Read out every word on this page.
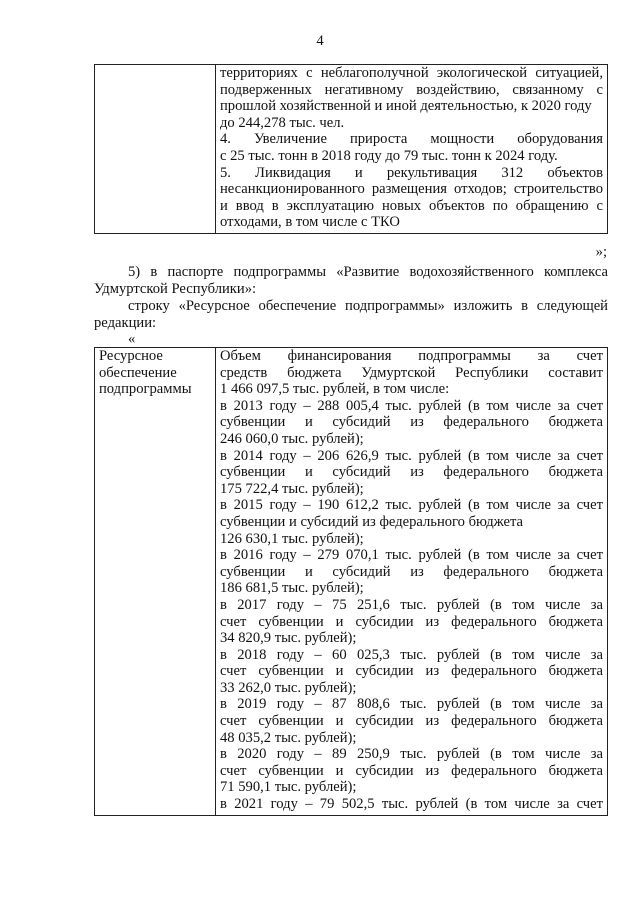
4

территориях с неблагополучной экологической ситуацией,
подверженных негативному воздействию, связанному с
прошлой хозяйственной и иной деятельностью, к 2020 году
до 244,278 тыс. чел.
4. Увеличение прироста мощности оборудования
с 25 тыс. тонн в 2018 году до 79 тыс. тонн к 2024 году.
5. Ликвидация и рекультивация 312 объектов
несанкционированного размещения отходов; строительство
и ввод в эксплуатацию новых объектов по обращению с
отходами, в том числе с ТКО
»;
5) в паспорте подпрограммы «Развитие водохозяйственного комплекса
Удмуртской Республики»:
строку «Ресурсное обеспечение подпрограммы» изложить в следующей
редакции:
«
Ресурсное
обеспечение
подпрограммы

Объем финансирования подпрограммы за счет
средств бюджета Удмуртской Республики составит
1 466 097,5 тыс. рублей, в том числе:
в 2013 году – 288 005,4 тыс. рублей (в том числе за счет
субвенции и субсидий из федерального бюджета
246 060,0 тыс. рублей);
в 2014 году – 206 626,9 тыс. рублей (в том числе за счет
субвенции и субсидий из федерального бюджета
175 722,4 тыс. рублей);
в 2015 году – 190 612,2 тыс. рублей (в том числе за счет
субвенции и субсидий из федерального бюджета
126 630,1 тыс. рублей);
в 2016 году – 279 070,1 тыс. рублей (в том числе за счет
субвенции и субсидий из федерального бюджета
186 681,5 тыс. рублей);
в 2017 году – 75 251,6 тыс. рублей (в том числе за
счет субвенции и субсидии из федерального бюджета
34 820,9 тыс. рублей);
в 2018 году – 60 025,3 тыс. рублей (в том числе за
счет субвенции и субсидии из федерального бюджета
33 262,0 тыс. рублей);
в 2019 году – 87 808,6 тыс. рублей (в том числе за
счет субвенции и субсидии из федерального бюджета
48 035,2 тыс. рублей);
в 2020 году – 89 250,9 тыс. рублей (в том числе за
счет субвенции и субсидии из федерального бюджета
71 590,1 тыс. рублей);
в 2021 году – 79 502,5 тыс. рублей (в том числе за счет
